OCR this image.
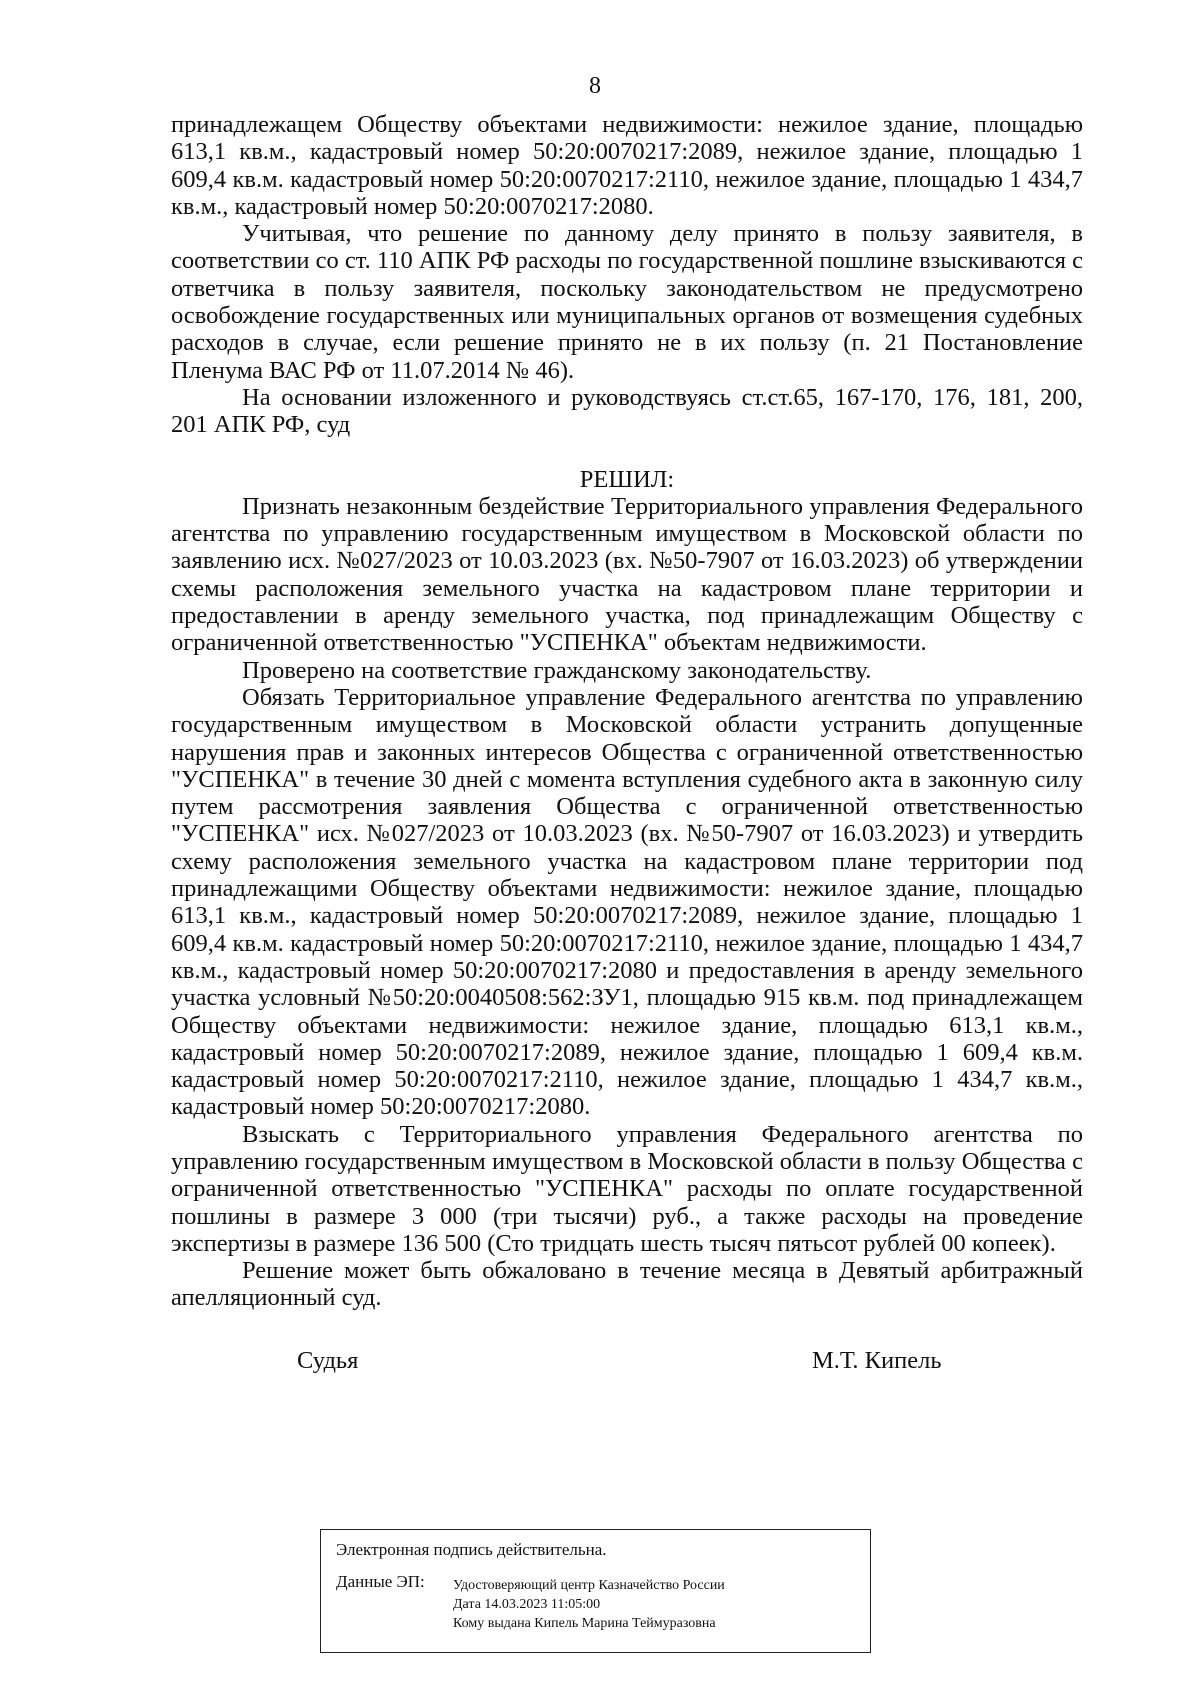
8

принадлежащем Обществу объектами недвижимости: нежилое здание, площадью 613,1 кв.м., кадастровый номер 50:20:0070217:2089, нежилое здание, площадью 1 609,4 кв.м. кадастровый номер 50:20:0070217:2110, нежилое здание, площадью 1 434,7 кв.м., кадастровый номер 50:20:0070217:2080.

Учитывая, что решение по данному делу принято в пользу заявителя, в соответствии со ст. 110 АПК РФ расходы по государственной пошлине взыскиваются с ответчика в пользу заявителя, поскольку законодательством не предусмотрено освобождение государственных или муниципальных органов от возмещения судебных расходов в случае, если решение принято не в их пользу (п. 21 Постановление Пленума ВАС РФ от 11.07.2014 № 46).

На основании изложенного и руководствуясь ст.ст.65, 167-170, 176, 181, 200, 201 АПК РФ, суд

РЕШИЛ:

Признать незаконным бездействие Территориального управления Федерального агентства по управлению государственным имуществом в Московской области по заявлению исх. №027/2023 от 10.03.2023 (вх. №50-7907 от 16.03.2023) об утверждении схемы расположения земельного участка на кадастровом плане территории и предоставлении в аренду земельного участка, под принадлежащим Обществу с ограниченной ответственностью "УСПЕНКА" объектам недвижимости.

Проверено на соответствие гражданскому законодательству.

Обязать Территориальное управление Федерального агентства по управлению государственным имуществом в Московской области устранить допущенные нарушения прав и законных интересов Общества с ограниченной ответственностью "УСПЕНКА" в течение 30 дней с момента вступления судебного акта в законную силу путем рассмотрения заявления Общества с ограниченной ответственностью "УСПЕНКА" исх. №027/2023 от 10.03.2023 (вх. №50-7907 от 16.03.2023) и утвердить схему расположения земельного участка на кадастровом плане территории под принадлежащими Обществу объектами недвижимости: нежилое здание, площадью 613,1 кв.м., кадастровый номер 50:20:0070217:2089, нежилое здание, площадью 1 609,4 кв.м. кадастровый номер 50:20:0070217:2110, нежилое здание, площадью 1 434,7 кв.м., кадастровый номер 50:20:0070217:2080 и предоставления в аренду земельного участка условный №50:20:0040508:562:ЗУ1, площадью 915 кв.м. под принадлежащем Обществу объектами недвижимости: нежилое здание, площадью 613,1 кв.м., кадастровый номер 50:20:0070217:2089, нежилое здание, площадью 1 609,4 кв.м. кадастровый номер 50:20:0070217:2110, нежилое здание, площадью 1 434,7 кв.м., кадастровый номер 50:20:0070217:2080.

Взыскать с Территориального управления Федерального агентства по управлению государственным имуществом в Московской области в пользу Общества с ограниченной ответственностью "УСПЕНКА" расходы по оплате государственной пошлины в размере 3 000 (три тысячи) руб., а также расходы на проведение экспертизы в размере 136 500 (Сто тридцать шесть тысяч пятьсот рублей 00 копеек).

Решение может быть обжаловано в течение месяца в Девятый арбитражный апелляционный суд.

Судья	М.Т. Кипель
Электронная подпись действительна.
Данные ЭП: Удостоверяющий центр Казначейство России
Дата 14.03.2023 11:05:00
Кому выдана Кипель Марина Теймуразовна
